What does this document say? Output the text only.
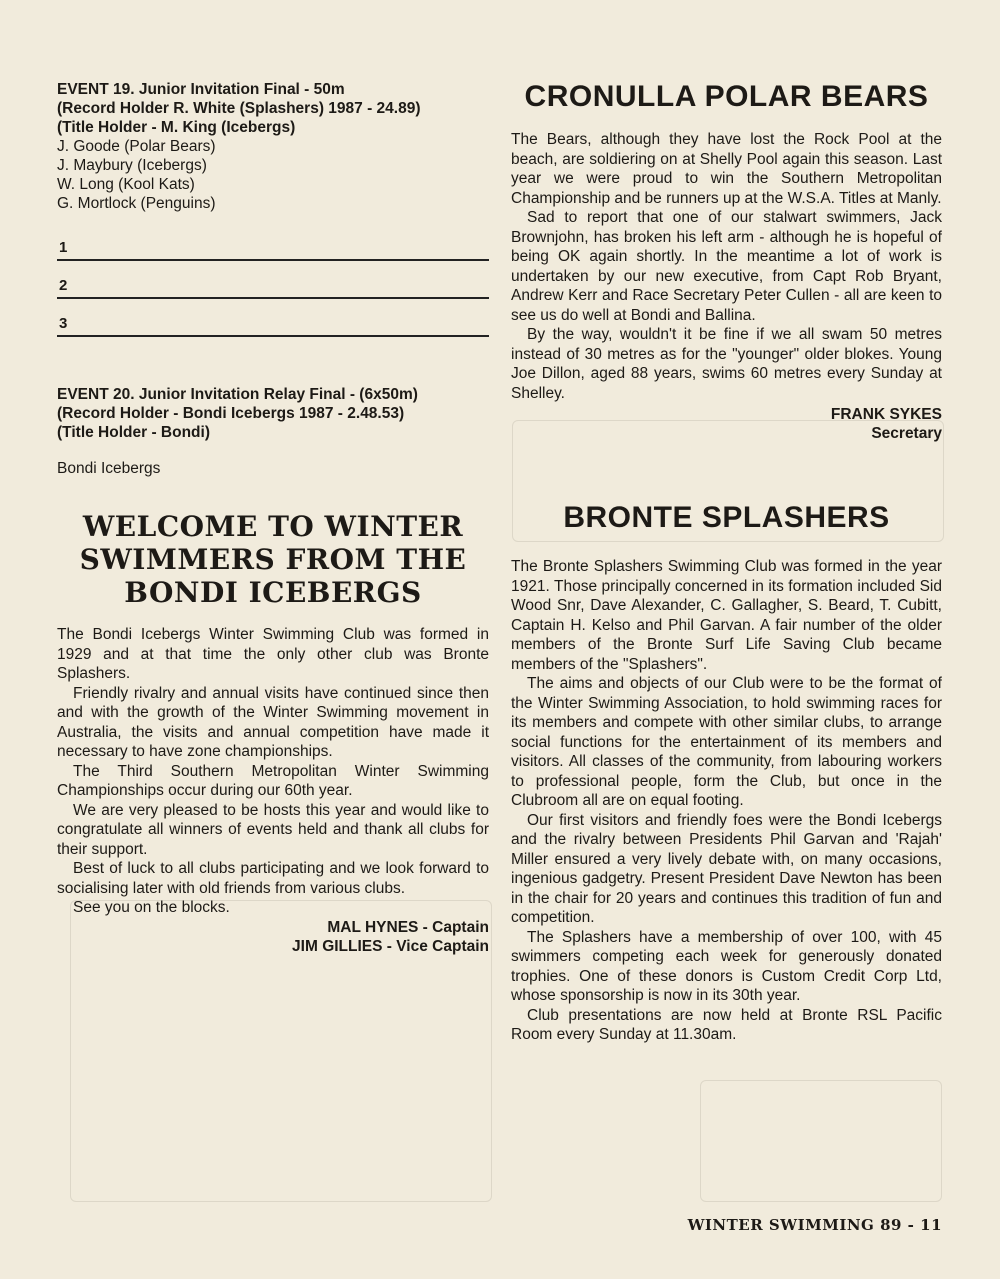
EVENT 19. Junior Invitation Final - 50m
(Record Holder R. White (Splashers) 1987 - 24.89)
(Title Holder - M. King (Icebergs)
J. Goode (Polar Bears)
J. Maybury (Icebergs)
W. Long (Kool Kats)
G. Mortlock (Penguins)
1
2
3
EVENT 20. Junior Invitation Relay Final - (6x50m)
(Record Holder - Bondi Icebergs 1987 - 2.48.53)
(Title Holder - Bondi)
Bondi Icebergs
WELCOME TO WINTER
SWIMMERS FROM THE
BONDI ICEBERGS
The Bondi Icebergs Winter Swimming Club was formed in 1929 and at that time the only other club was Bronte Splashers.
Friendly rivalry and annual visits have continued since then and with the growth of the Winter Swimming movement in Australia, the visits and annual competition have made it necessary to have zone championships.
The Third Southern Metropolitan Winter Swimming Championships occur during our 60th year.
We are very pleased to be hosts this year and would like to congratulate all winners of events held and thank all clubs for their support.
Best of luck to all clubs participating and we look forward to socialising later with old friends from various clubs.
See you on the blocks.
MAL HYNES - Captain
JIM GILLIES - Vice Captain
CRONULLA POLAR BEARS
The Bears, although they have lost the Rock Pool at the beach, are soldiering on at Shelly Pool again this season. Last year we were proud to win the Southern Metropolitan Championship and be runners up at the W.S.A. Titles at Manly.
Sad to report that one of our stalwart swimmers, Jack Brownjohn, has broken his left arm - although he is hopeful of being OK again shortly. In the meantime a lot of work is undertaken by our new executive, from Capt Rob Bryant, Andrew Kerr and Race Secretary Peter Cullen - all are keen to see us do well at Bondi and Ballina.
By the way, wouldn't it be fine if we all swam 50 metres instead of 30 metres as for the "younger" older blokes. Young Joe Dillon, aged 88 years, swims 60 metres every Sunday at Shelley.
FRANK SYKES
Secretary
BRONTE SPLASHERS
The Bronte Splashers Swimming Club was formed in the year 1921. Those principally concerned in its formation included Sid Wood Snr, Dave Alexander, C. Gallagher, S. Beard, T. Cubitt, Captain H. Kelso and Phil Garvan. A fair number of the older members of the Bronte Surf Life Saving Club became members of the "Splashers".
The aims and objects of our Club were to be the format of the Winter Swimming Association, to hold swimming races for its members and compete with other similar clubs, to arrange social functions for the entertainment of its members and visitors. All classes of the community, from labouring workers to professional people, form the Club, but once in the Clubroom all are on equal footing.
Our first visitors and friendly foes were the Bondi Icebergs and the rivalry between Presidents Phil Garvan and 'Rajah' Miller ensured a very lively debate with, on many occasions, ingenious gadgetry. Present President Dave Newton has been in the chair for 20 years and continues this tradition of fun and competition.
The Splashers have a membership of over 100, with 45 swimmers competing each week for generously donated trophies. One of these donors is Custom Credit Corp Ltd, whose sponsorship is now in its 30th year.
Club presentations are now held at Bronte RSL Pacific Room every Sunday at 11.30am.
WINTER SWIMMING 89 - 11
